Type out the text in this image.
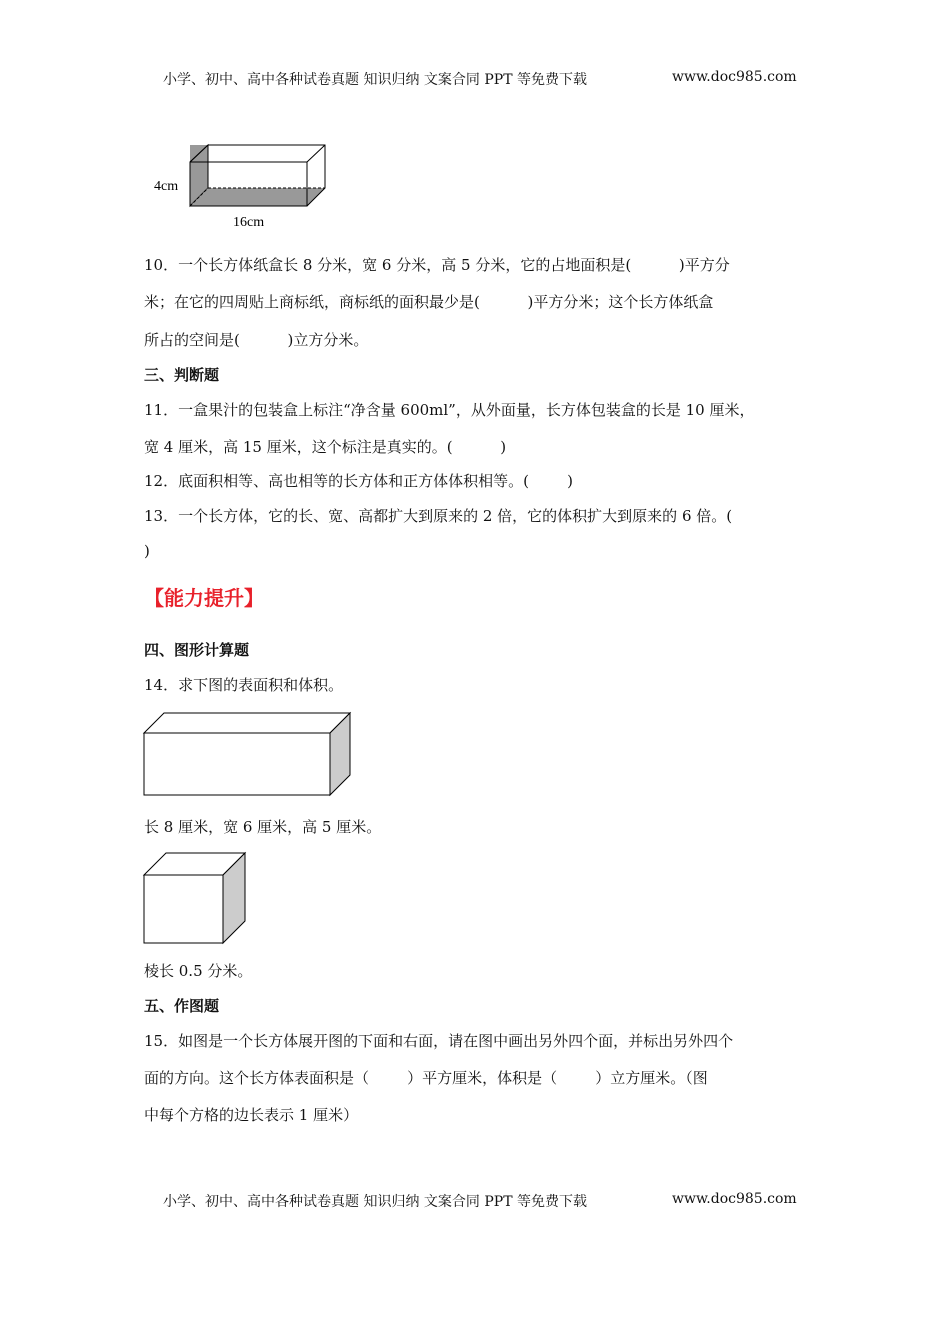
小学、初中、高中各种试卷真题 知识归纳 文案合同 PPT 等免费下载	www.doc985.com
4cm
16cm
10．一个长方体纸盒长 8 分米，宽 6 分米，高 5 分米，它的占地面积是(          )平方分
米；在它的四周贴上商标纸，商标纸的面积最少是(          )平方分米；这个长方体纸盒
所占的空间是(          )立方分米。
三、判断题
11．一盒果汁的包装盒上标注“净含量 600ml”，从外面量，长方体包装盒的长是 10 厘米，
宽 4 厘米，高 15 厘米，这个标注是真实的。(          )
12．底面积相等、高也相等的长方体和正方体体积相等。(        )
13．一个长方体，它的长、宽、高都扩大到原来的 2 倍，它的体积扩大到原来的 6 倍。(
)
【能力提升】
四、图形计算题
14．求下图的表面积和体积。
长 8 厘米，宽 6 厘米，高 5 厘米。
棱长 0.5 分米。
五、作图题
15．如图是一个长方体展开图的下面和右面，请在图中画出另外四个面，并标出另外四个
面的方向。这个长方体表面积是（        ）平方厘米，体积是（        ）立方厘米。（图
中每个方格的边长表示 1 厘米）
小学、初中、高中各种试卷真题 知识归纳 文案合同 PPT 等免费下载	www.doc985.com
